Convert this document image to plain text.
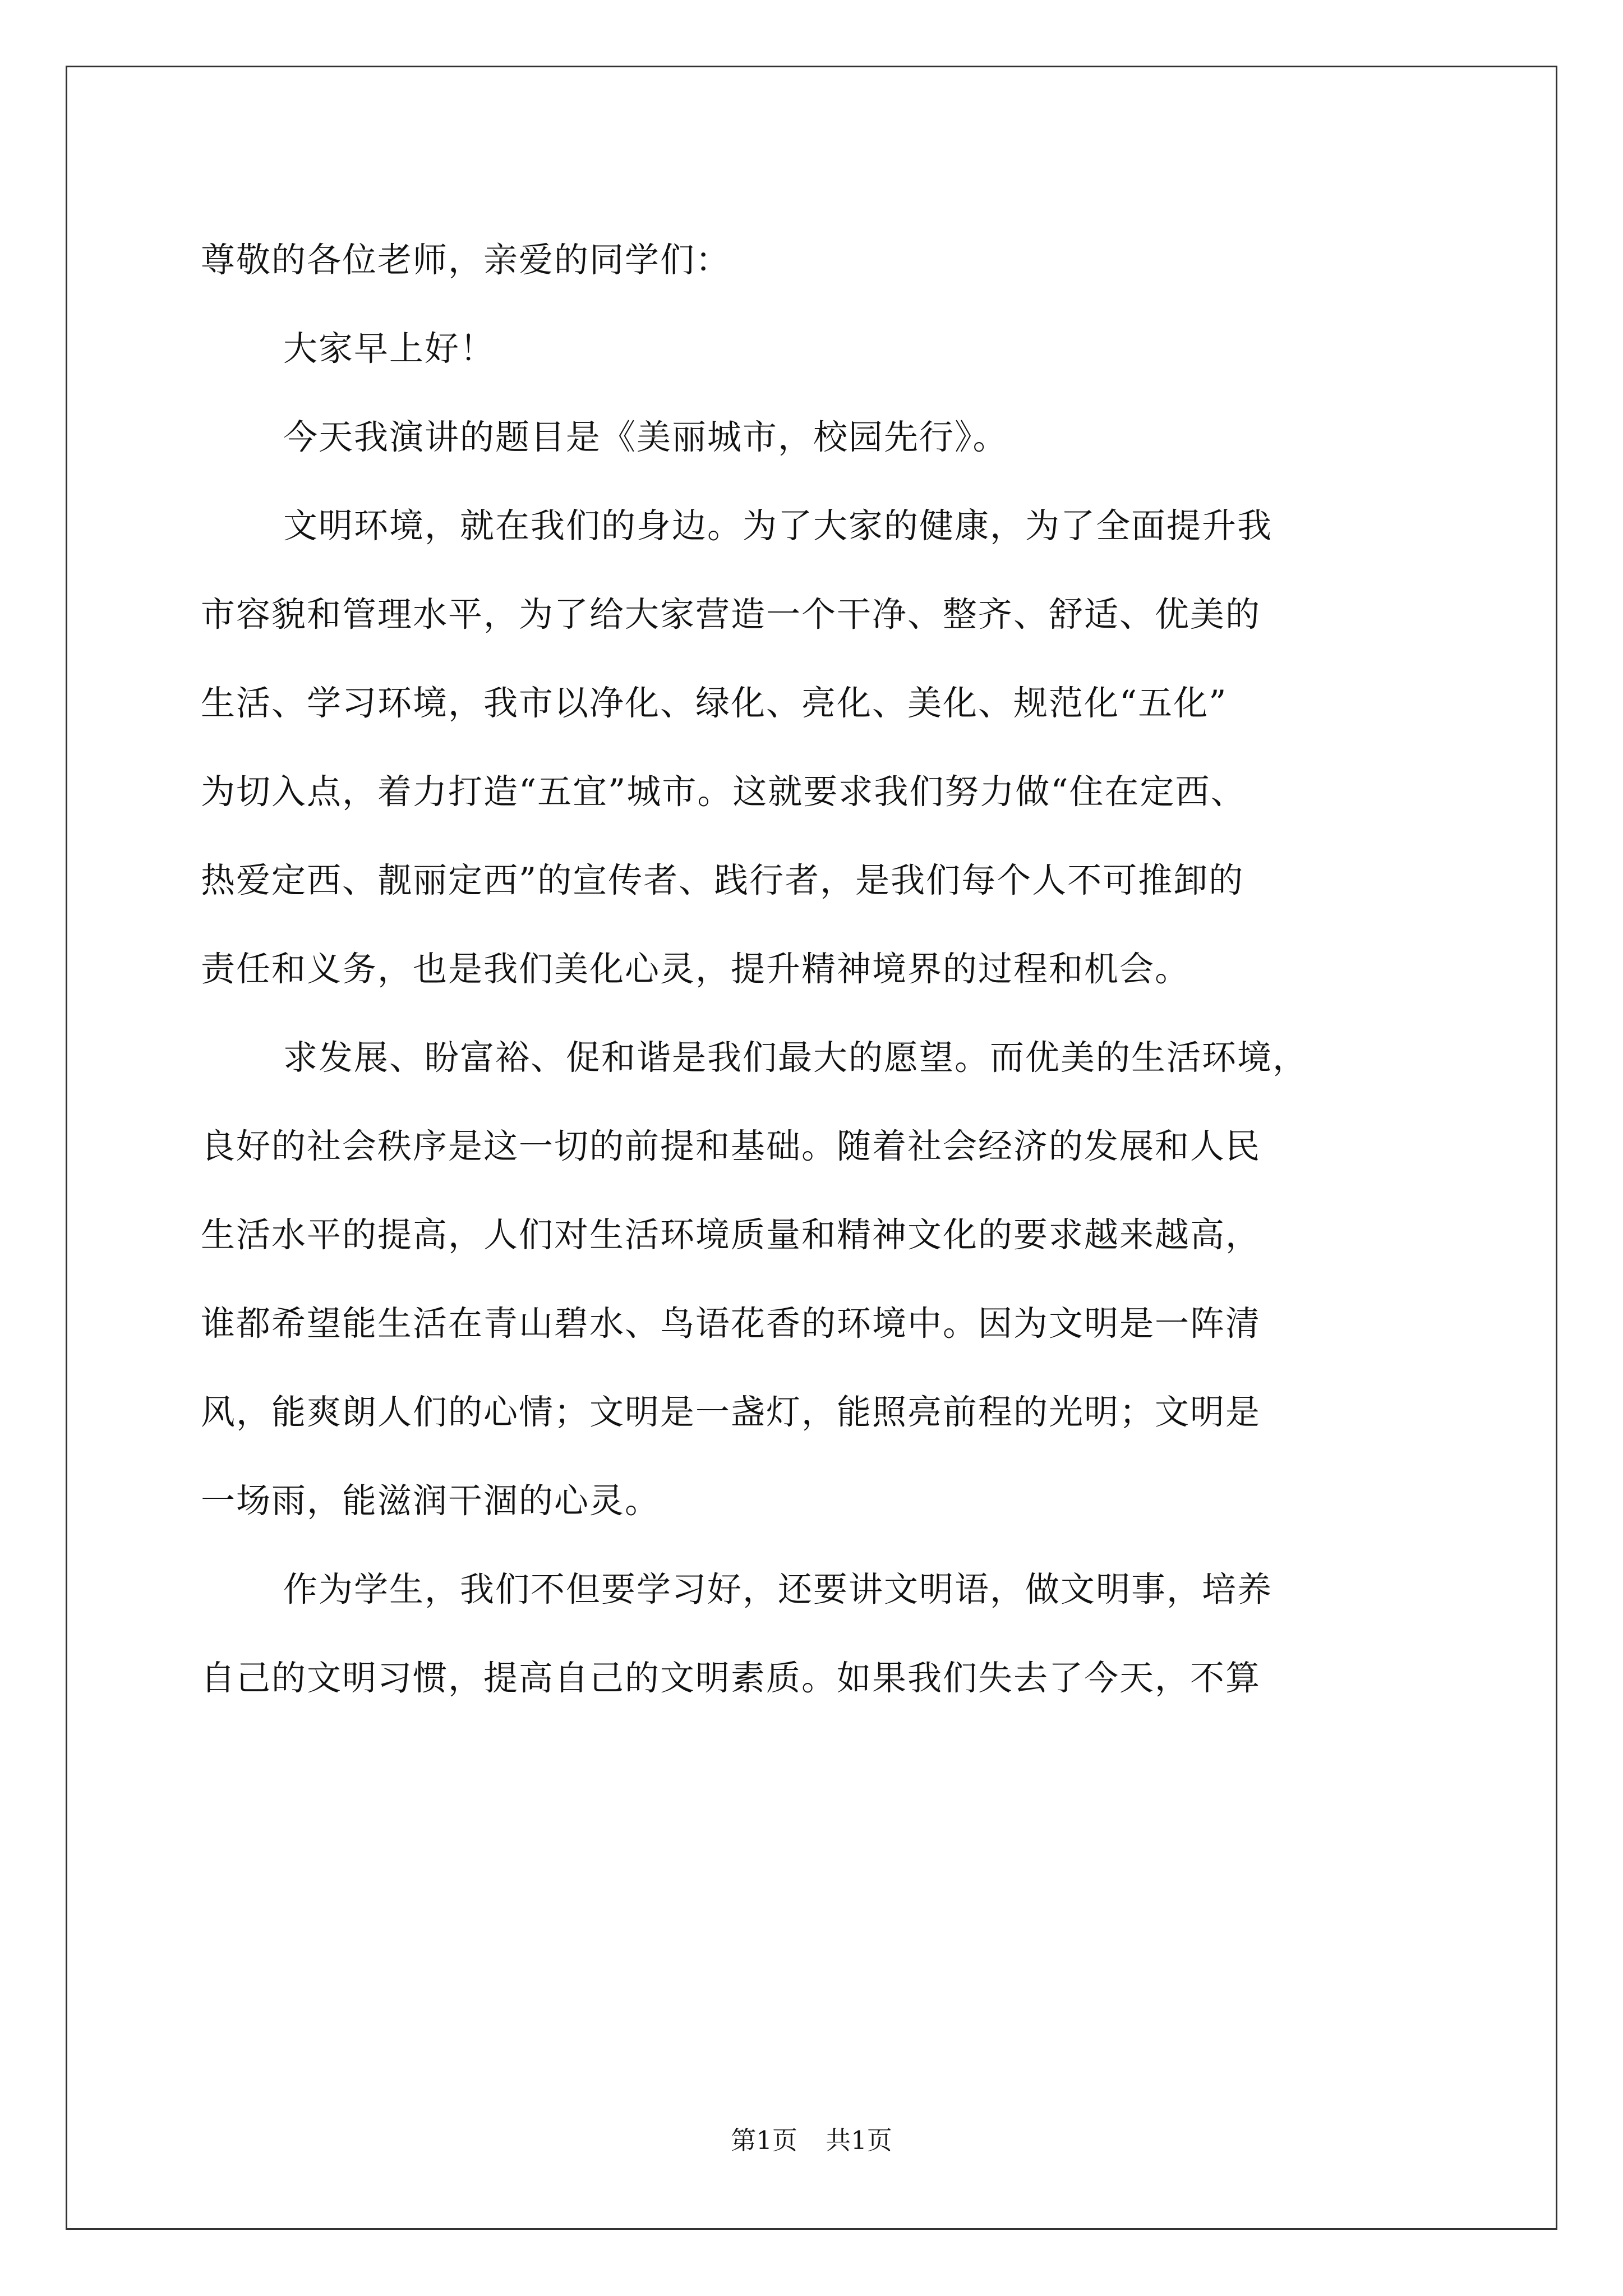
尊敬的各位老师，亲爱的同学们：
大家早上好！
今天我演讲的题目是《美丽城市，校园先行》。
文明环境，就在我们的身边。为了大家的健康，为了全面提升我
市容貌和管理水平，为了给大家营造一个干净、整齐、舒适、优美的
生活、学习环境，我市以净化、绿化、亮化、美化、规范化“五化”
为切入点，着力打造“五宜”城市。这就要求我们努力做“住在定西、
热爱定西、靓丽定西”的宣传者、践行者，是我们每个人不可推卸的
责任和义务，也是我们美化心灵，提升精神境界的过程和机会。
求发展、盼富裕、促和谐是我们最大的愿望。而优美的生活环境，
良好的社会秩序是这一切的前提和基础。随着社会经济的发展和人民
生活水平的提高，人们对生活环境质量和精神文化的要求越来越高，
谁都希望能生活在青山碧水、鸟语花香的环境中。因为文明是一阵清
风，能爽朗人们的心情；文明是一盏灯，能照亮前程的光明；文明是
一场雨，能滋润干涸的心灵。
作为学生，我们不但要学习好，还要讲文明语，做文明事，培养
自己的文明习惯，提高自己的文明素质。如果我们失去了今天，不算
第1页 共1页
